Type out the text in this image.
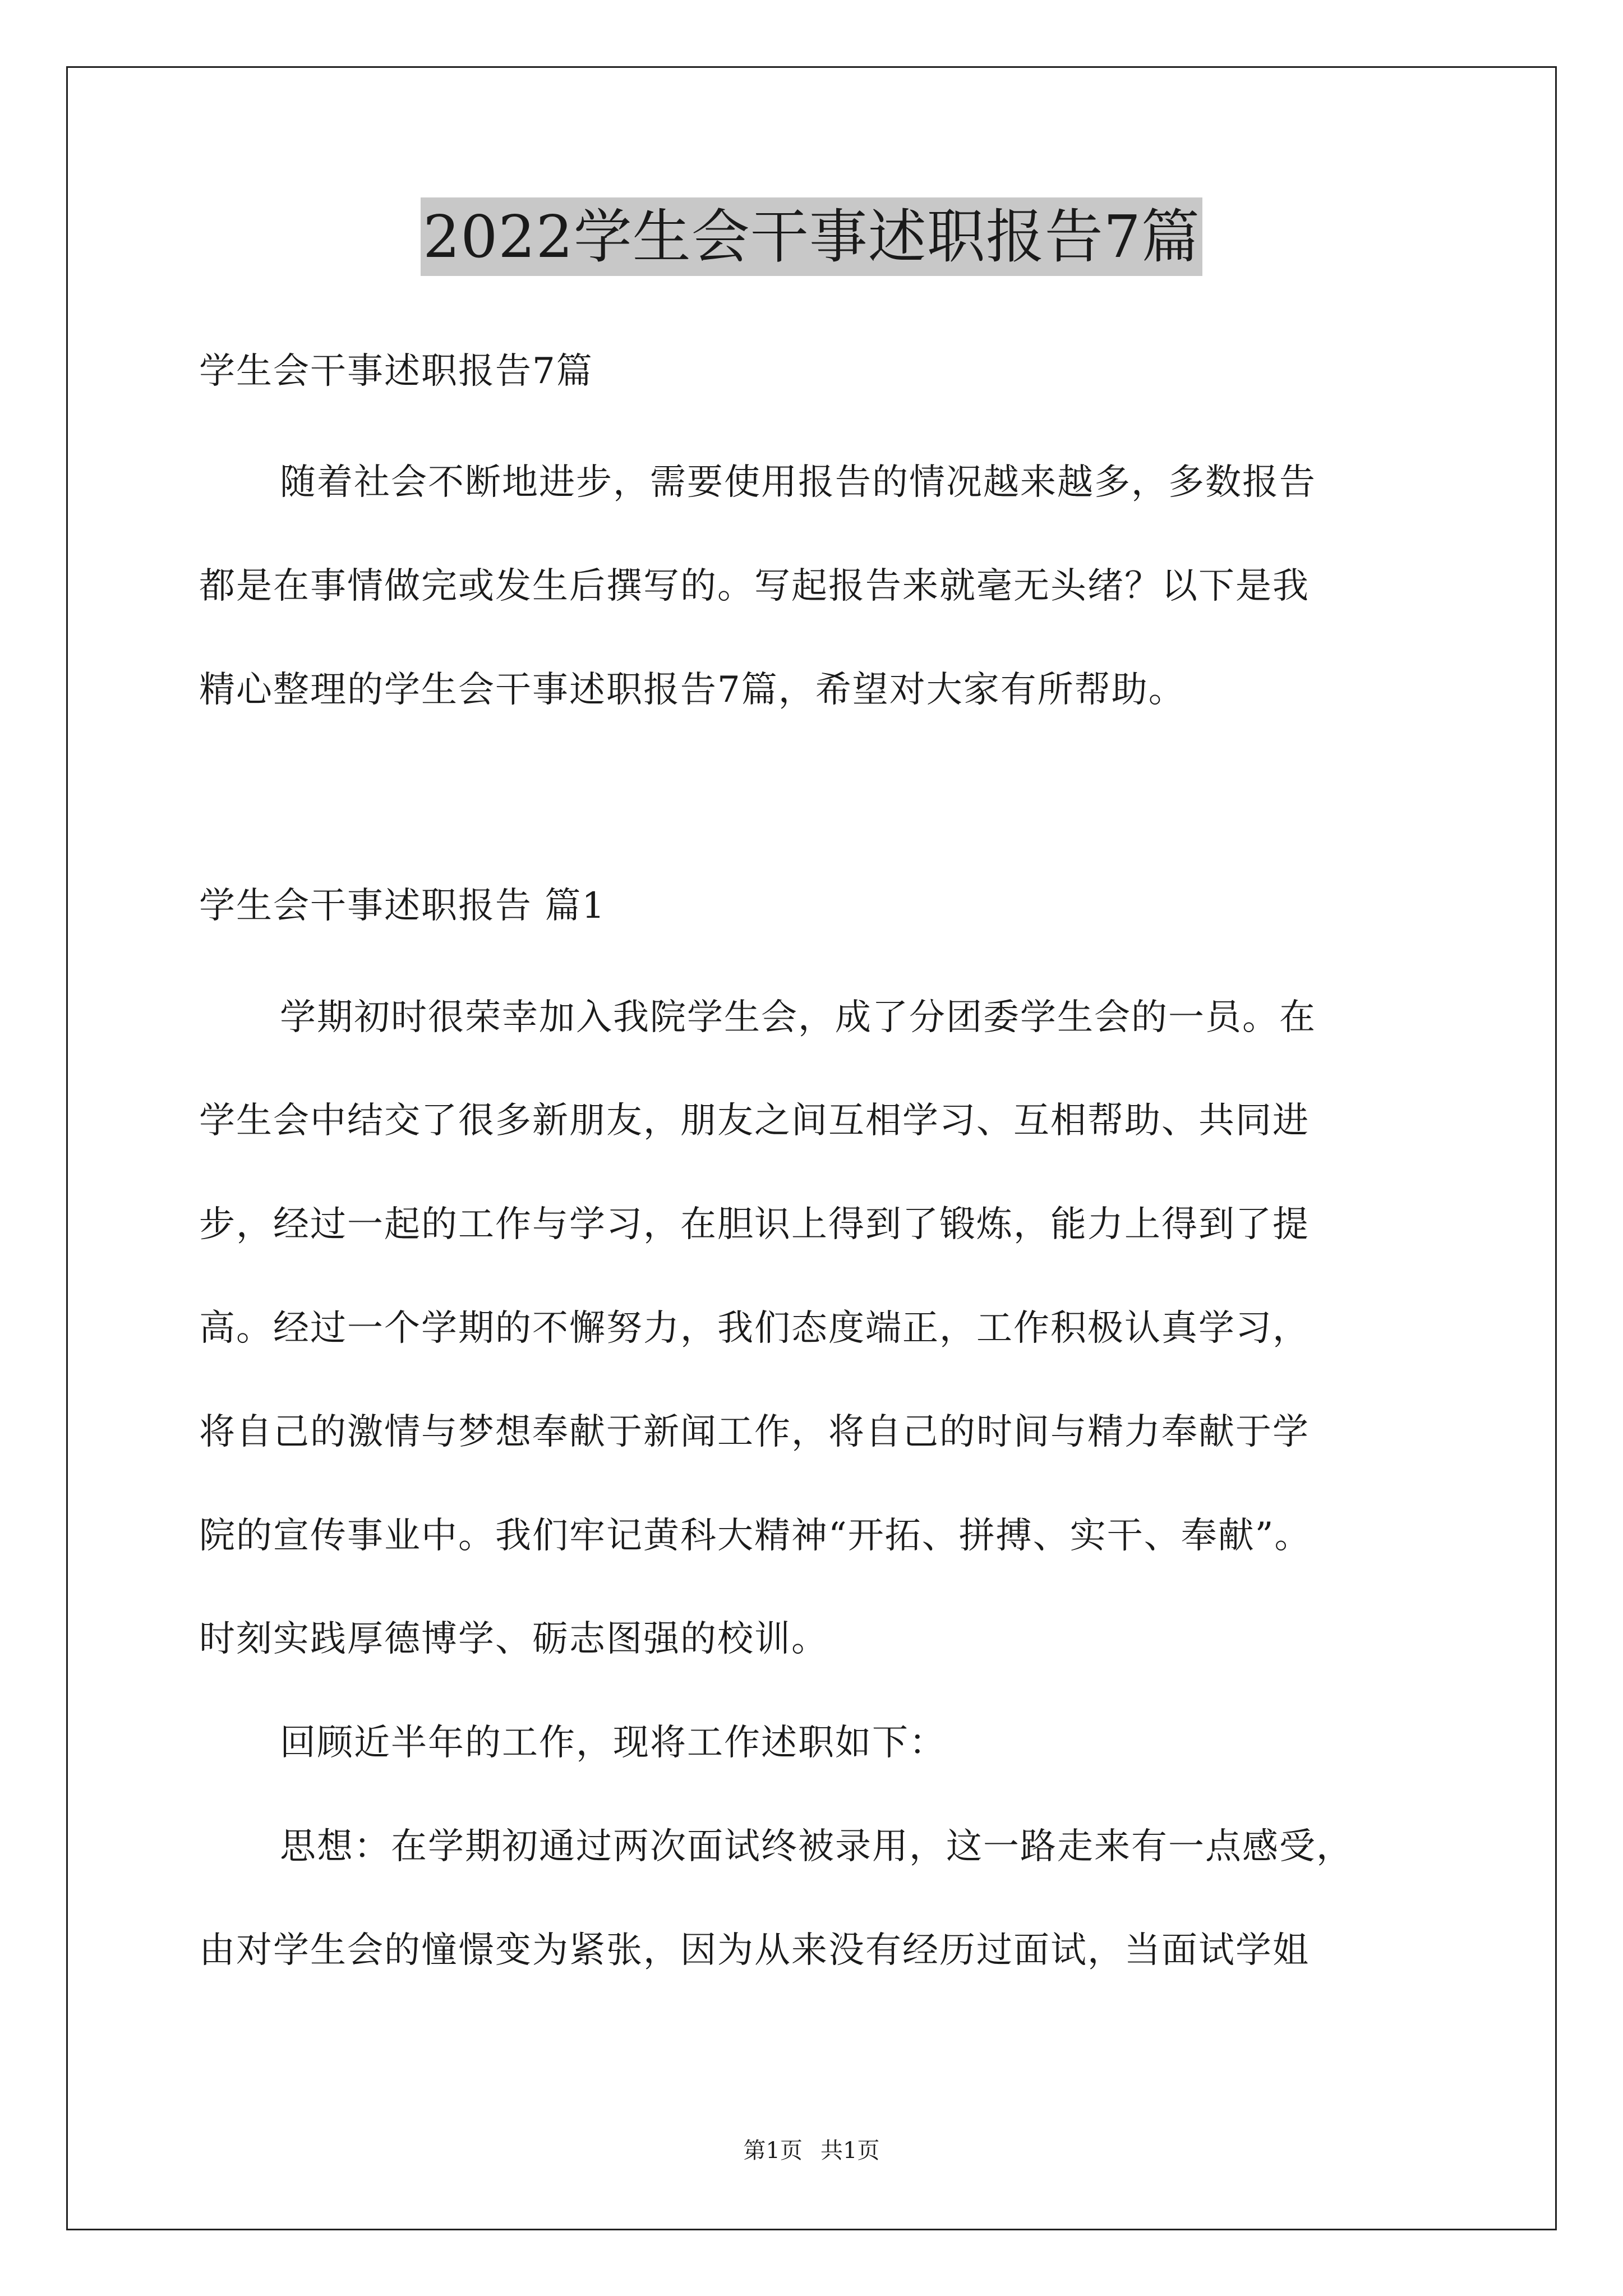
2022学生会干事述职报告7篇
学生会干事述职报告7篇
随着社会不断地进步，需要使用报告的情况越来越多，多数报告
都是在事情做完或发生后撰写的。写起报告来就毫无头绪？以下是我
精心整理的学生会干事述职报告7篇，希望对大家有所帮助。
学生会干事述职报告 篇1
学期初时很荣幸加入我院学生会，成了分团委学生会的一员。在
学生会中结交了很多新朋友，朋友之间互相学习、互相帮助、共同进
步，经过一起的工作与学习，在胆识上得到了锻炼，能力上得到了提
高。经过一个学期的不懈努力，我们态度端正，工作积极认真学习，
将自己的激情与梦想奉献于新闻工作，将自己的时间与精力奉献于学
院的宣传事业中。我们牢记黄科大精神“开拓、拼搏、实干、奉献”。
时刻实践厚德博学、砺志图强的校训。
回顾近半年的工作，现将工作述职如下：
思想：在学期初通过两次面试终被录用，这一路走来有一点感受，
由对学生会的憧憬变为紧张，因为从来没有经历过面试，当面试学姐
第1页 共1页
